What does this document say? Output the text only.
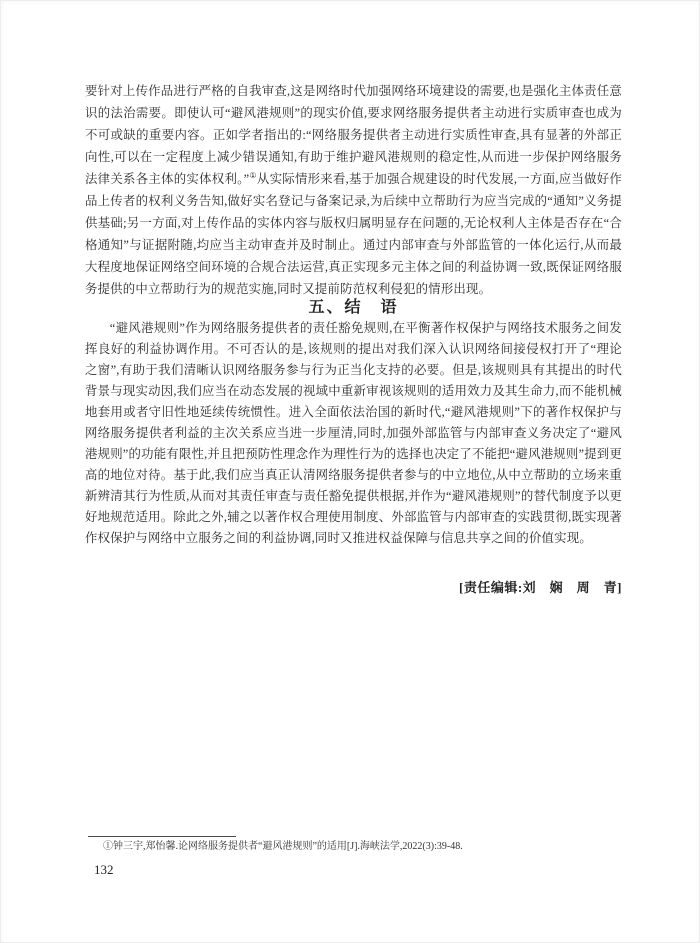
要针对上传作品进行严格的自我审查,这是网络时代加强网络环境建设的需要,也是强化主体责任意识的法治需要。即使认可“避风港规则”的现实价值,要求网络服务提供者主动进行实质审查也成为不可或缺的重要内容。正如学者指出的:“网络服务提供者主动进行实质性审查,具有显著的外部正向性,可以在一定程度上减少错误通知,有助于维护避风港规则的稳定性,从而进一步保护网络服务法律关系各主体的实体权利。”①从实际情形来看,基于加强合规建设的时代发展,一方面,应当做好作品上传者的权利义务告知,做好实名登记与备案记录,为后续中立帮助行为应当完成的“通知”义务提供基础;另一方面,对上传作品的实体内容与版权归属明显存在问题的,无论权利人主体是否存在“合格通知”与证据附随,均应当主动审查并及时制止。通过内部审查与外部监管的一体化运行,从而最大程度地保证网络空间环境的合规合法运营,真正实现多元主体之间的利益协调一致,既保证网络服务提供的中立帮助行为的规范实施,同时又提前防范权利侵犯的情形出现。

五、结　语

“避风港规则”作为网络服务提供者的责任豁免规则,在平衡著作权保护与网络技术服务之间发挥良好的利益协调作用。不可否认的是,该规则的提出对我们深入认识网络间接侵权打开了“理论之窗”,有助于我们清晰认识网络服务参与行为正当化支持的必要。但是,该规则具有其提出的时代背景与现实动因,我们应当在动态发展的视域中重新审视该规则的适用效力及其生命力,而不能机械地套用或者守旧性地延续传统惯性。进入全面依法治国的新时代,“避风港规则”下的著作权保护与网络服务提供者利益的主次关系应当进一步厘清,同时,加强外部监管与内部审查义务决定了“避风港规则”的功能有限性,并且把预防性理念作为理性行为的选择也决定了不能把“避风港规则”提到更高的地位对待。基于此,我们应当真正认清网络服务提供者参与的中立地位,从中立帮助的立场来重新辨清其行为性质,从而对其责任审查与责任豁免提供根据,并作为“避风港规则”的替代制度予以更好地规范适用。除此之外,辅之以著作权合理使用制度、外部监管与内部审查的实践贯彻,既实现著作权保护与网络中立服务之间的利益协调,同时又推进权益保障与信息共享之间的价值实现。

[责任编辑:刘　娴　周　青]

①钟三宇,郑怡馨.论网络服务提供者“避风港规则”的适用[J].海峡法学,2022(3):39-48.

132
